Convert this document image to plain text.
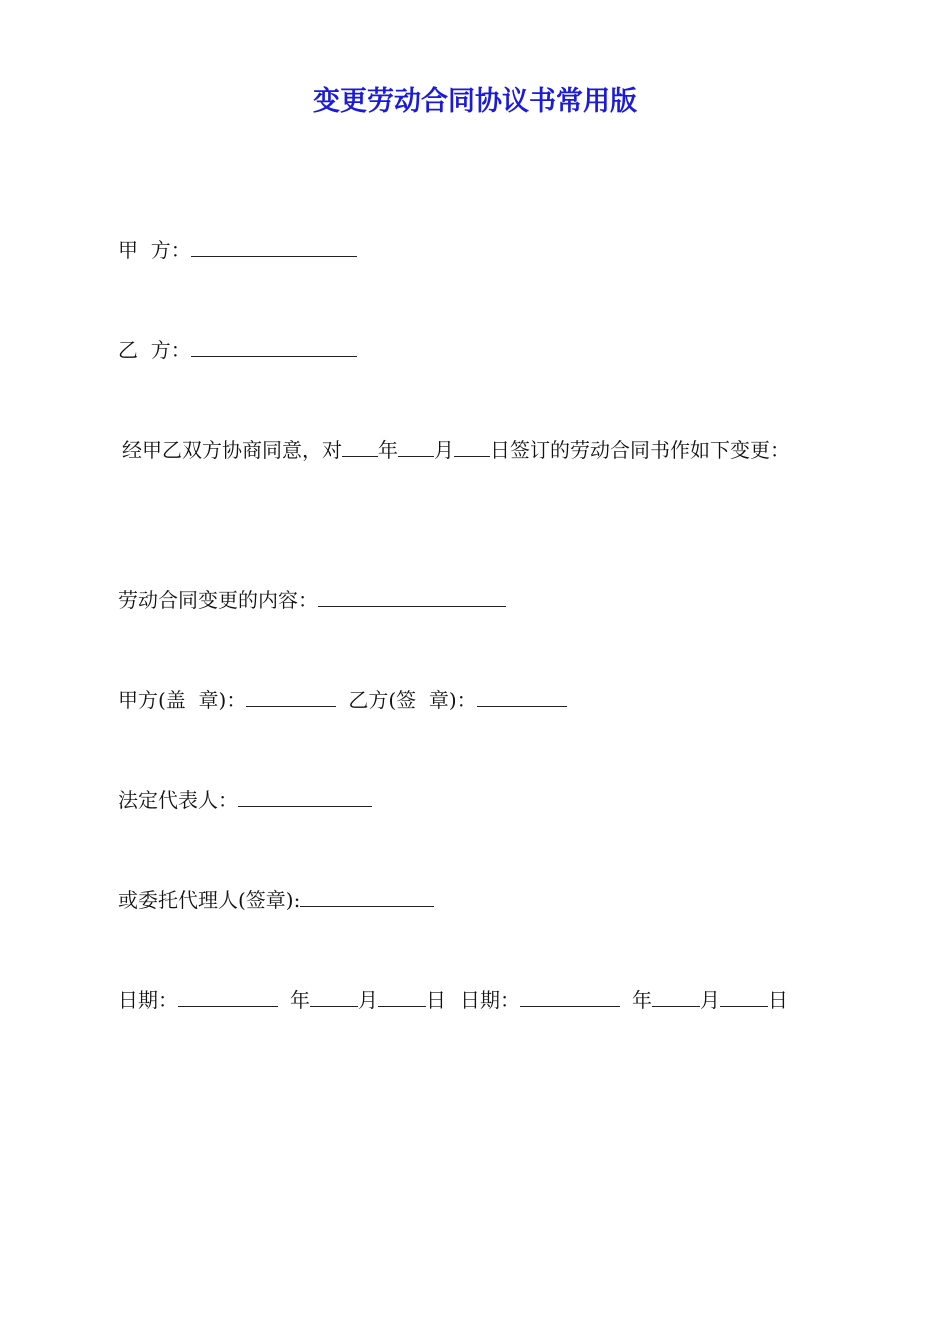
变更劳动合同协议书常用版
甲  方：
乙  方：
经甲乙双方协商同意，对 年 月 日签订的劳动合同书作如下变更：
劳动合同变更的内容：
甲方(盖  章)：	乙方(签  章)：
法定代表人：
或委托代理人(签章):
日期：	年 月 日 日期：	年 月 日
